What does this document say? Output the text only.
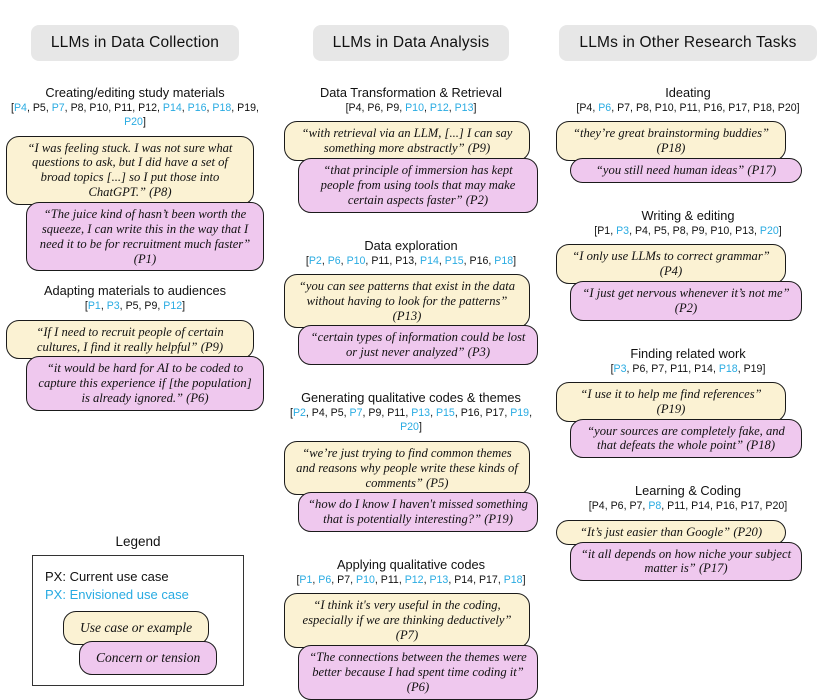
LLMs in Data Collection
Creating/editing study materials
[P4, P5, P7, P8, P10, P11, P12, P14, P16, P18, P19, P20]
“I was feeling stuck. I was not sure what questions to ask, but I did have a set of broad topics [...] so I put those into ChatGPT.” (P8)
“The juice kind of hasn’t been worth the squeeze, I can write this in the way that I need it to be for recruitment much faster” (P1)
Adapting materials to audiences
[P1, P3, P5, P9, P12]
“If I need to recruit people of certain cultures, I find it really helpful” (P9)
“it would be hard for AI to be coded to capture this experience if [the population] is already ignored.” (P6)
Legend
PX: Current use case
PX: Envisioned use case
Use case or example
Concern or tension
LLMs in Data Analysis
Data Transformation & Retrieval
[P4, P6, P9, P10, P12, P13]
“with retrieval via an LLM, [...] I can say something more abstractly” (P9)
“that principle of immersion has kept people from using tools that may make certain aspects faster” (P2)
Data exploration
[P2, P6, P10, P11, P13, P14, P15, P16, P18]
“you can see patterns that exist in the data without having to look for the patterns” (P13)
“certain types of information could be lost or just never analyzed” (P3)
Generating qualitative codes & themes
[P2, P4, P5, P7, P9, P11, P13, P15, P16, P17, P19, P20]
“we’re just trying to find common themes and reasons why people write these kinds of comments” (P5)
“how do I know I haven't missed something that is potentially interesting?” (P19)
Applying qualitative codes
[P1, P6, P7, P10, P11, P12, P13, P14, P17, P18]
“I think it's very useful in the coding, especially if we are thinking deductively” (P7)
“The connections between the themes were better because I had spent time coding it” (P6)
LLMs in Other Research Tasks
Ideating
[P4, P6, P7, P8, P10, P11, P16, P17, P18, P20]
“they’re great brainstorming buddies” (P18)
“you still need human ideas” (P17)
Writing & editing
[P1, P3, P4, P5, P8, P9, P10, P13, P20]
“I only use LLMs to correct grammar” (P4)
“I just get nervous whenever it’s not me” (P2)
Finding related work
[P3, P6, P7, P11, P14, P18, P19]
“I use it to help me find references” (P19)
“your sources are completely fake, and that defeats the whole point” (P18)
Learning & Coding
[P4, P6, P7, P8, P11, P14, P16, P17, P20]
“It’s just easier than Google” (P20)
“it all depends on how niche your subject matter is” (P17)
